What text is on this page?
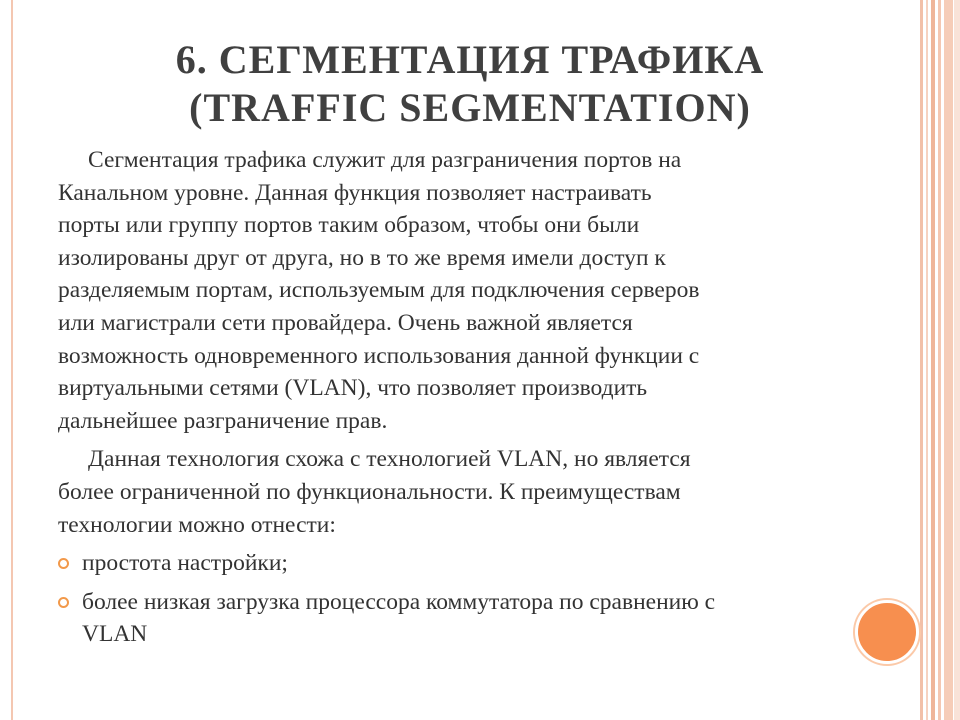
6. СЕГМЕНТАЦИЯ ТРАФИКА
(TRAFFIC SEGMENTATION)
Сегментация трафика служит для разграничения портов на
Канальном уровне. Данная функция позволяет настраивать
порты или группу портов таким образом, чтобы они были
изолированы друг от друга, но в то же время имели доступ к
разделяемым портам, используемым для подключения серверов
или магистрали сети провайдера. Очень важной является
возможность одновременного использования данной функции с
виртуальными сетями (VLAN), что позволяет производить
дальнейшее разграничение прав.
Данная технология схожа с технологией VLAN, но является
более ограниченной по функциональности. К преимуществам
технологии можно отнести:
простота настройки;
более низкая загрузка процессора коммутатора по сравнению с
VLAN
